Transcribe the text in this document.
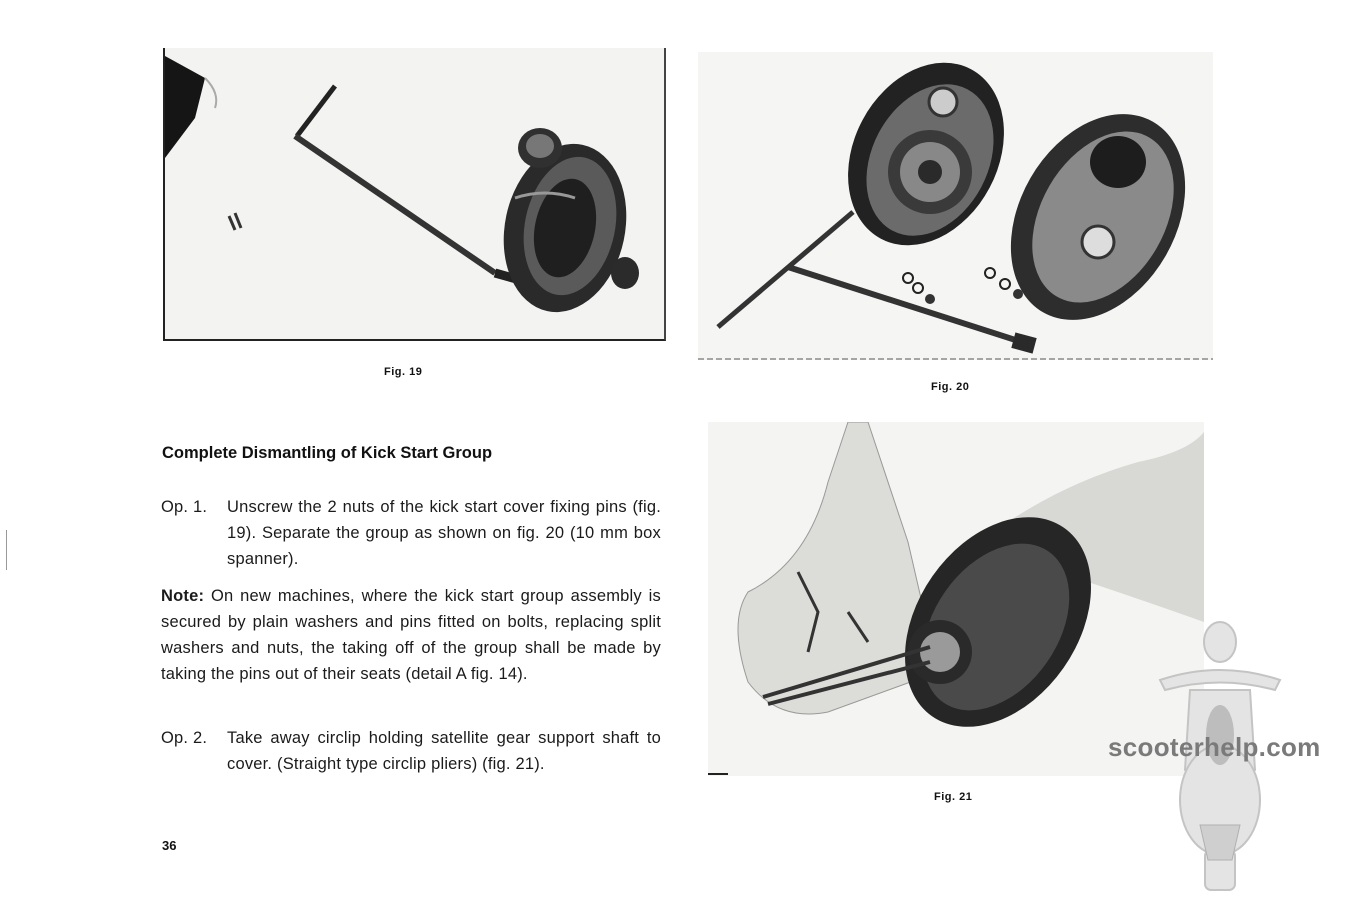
Fig. 19
Fig. 20
Fig. 21
Complete Dismantling of Kick Start Group
Op. 1.	Unscrew the 2 nuts of the kick start cover fixing pins (fig. 19). Separate the group as shown on fig. 20 (10 mm box spanner).
Note: On new machines, where the kick start group assembly is secured by plain washers and pins fitted on bolts, replacing split washers and nuts, the taking off of the group shall be made by taking the pins out of their seats (detail A fig. 14).
Op. 2.	Take away circlip holding satellite gear support shaft to cover. (Straight type circlip pliers) (fig. 21).
36
scooterhelp.com
